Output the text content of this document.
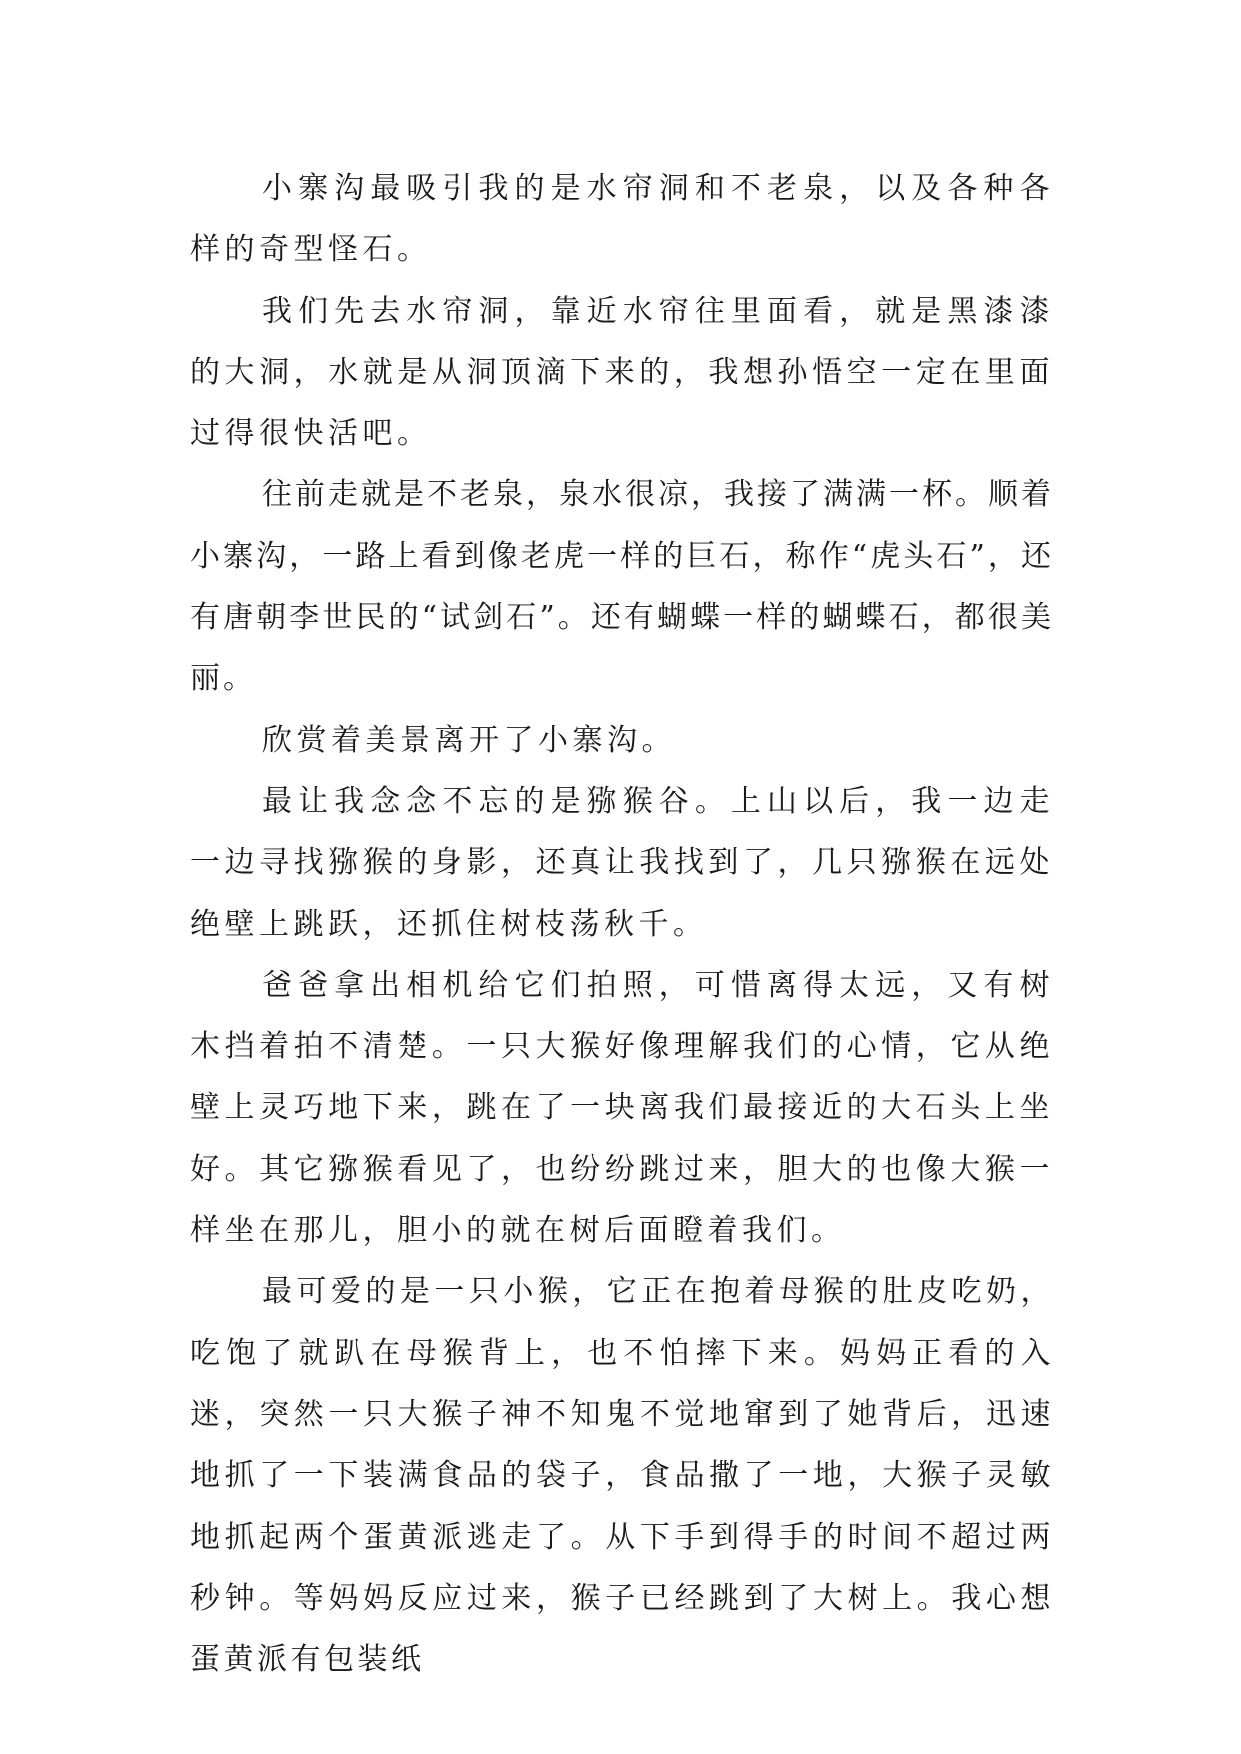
小寨沟最吸引我的是水帘洞和不老泉，以及各种各样的奇型怪石。

我们先去水帘洞，靠近水帘往里面看，就是黑漆漆的大洞，水就是从洞顶滴下来的，我想孙悟空一定在里面过得很快活吧。

往前走就是不老泉，泉水很凉，我接了满满一杯。顺着小寨沟，一路上看到像老虎一样的巨石，称作“虎头石”，还有唐朝李世民的“试剑石”。还有蝴蝶一样的蝴蝶石，都很美丽。

欣赏着美景离开了小寨沟。

最让我念念不忘的是猕猴谷。上山以后，我一边走一边寻找猕猴的身影，还真让我找到了，几只猕猴在远处绝壁上跳跃，还抓住树枝荡秋千。

爸爸拿出相机给它们拍照，可惜离得太远，又有树木挡着拍不清楚。一只大猴好像理解我们的心情，它从绝壁上灵巧地下来，跳在了一块离我们最接近的大石头上坐好。其它猕猴看见了，也纷纷跳过来，胆大的也像大猴一样坐在那儿，胆小的就在树后面瞪着我们。

最可爱的是一只小猴，它正在抱着母猴的肚皮吃奶，吃饱了就趴在母猴背上，也不怕摔下来。妈妈正看的入迷，突然一只大猴子神不知鬼不觉地窜到了她背后，迅速地抓了一下装满食品的袋子，食品撒了一地，大猴子灵敏地抓起两个蛋黄派逃走了。从下手到得手的时间不超过两秒钟。等妈妈反应过来，猴子已经跳到了大树上。我心想蛋黄派有包装纸
